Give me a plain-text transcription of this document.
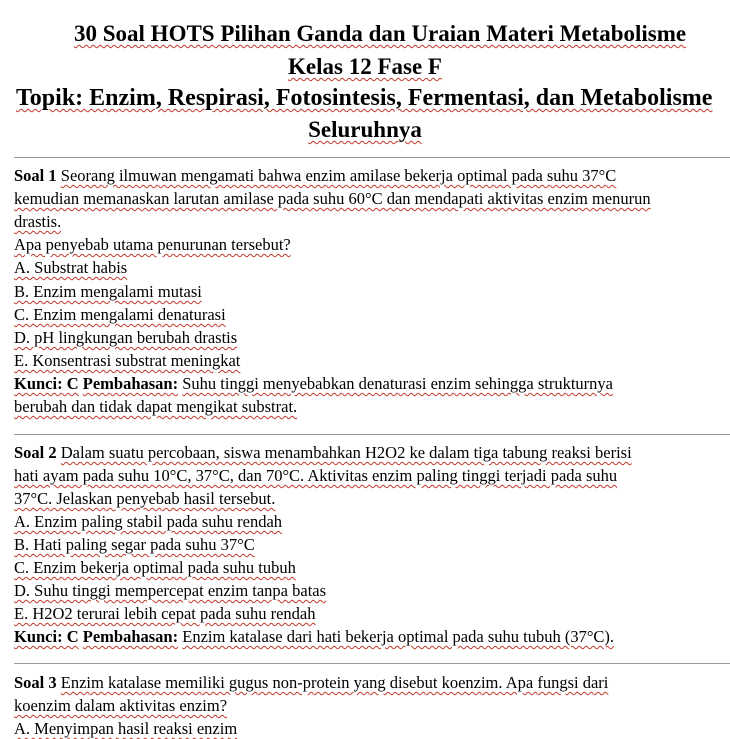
30 Soal HOTS Pilihan Ganda dan Uraian Materi Metabolisme
Kelas 12 Fase F
Topik: Enzim, Respirasi, Fotosintesis, Fermentasi, dan Metabolisme
Seluruhnya
Soal 1 Seorang ilmuwan mengamati bahwa enzim amilase bekerja optimal pada suhu 37°C
kemudian memanaskan larutan amilase pada suhu 60°C dan mendapati aktivitas enzim menurun
drastis.
Apa penyebab utama penurunan tersebut?
A. Substrat habis
B. Enzim mengalami mutasi
C. Enzim mengalami denaturasi
D. pH lingkungan berubah drastis
E. Konsentrasi substrat meningkat
Kunci: C Pembahasan: Suhu tinggi menyebabkan denaturasi enzim sehingga strukturnya
berubah dan tidak dapat mengikat substrat.
Soal 2 Dalam suatu percobaan, siswa menambahkan H2O2 ke dalam tiga tabung reaksi berisi
hati ayam pada suhu 10°C, 37°C, dan 70°C. Aktivitas enzim paling tinggi terjadi pada suhu
37°C. Jelaskan penyebab hasil tersebut.
A. Enzim paling stabil pada suhu rendah
B. Hati paling segar pada suhu 37°C
C. Enzim bekerja optimal pada suhu tubuh
D. Suhu tinggi mempercepat enzim tanpa batas
E. H2O2 terurai lebih cepat pada suhu rendah
Kunci: C Pembahasan: Enzim katalase dari hati bekerja optimal pada suhu tubuh (37°C).
Soal 3 Enzim katalase memiliki gugus non-protein yang disebut koenzim. Apa fungsi dari
koenzim dalam aktivitas enzim?
A. Menyimpan hasil reaksi enzim
